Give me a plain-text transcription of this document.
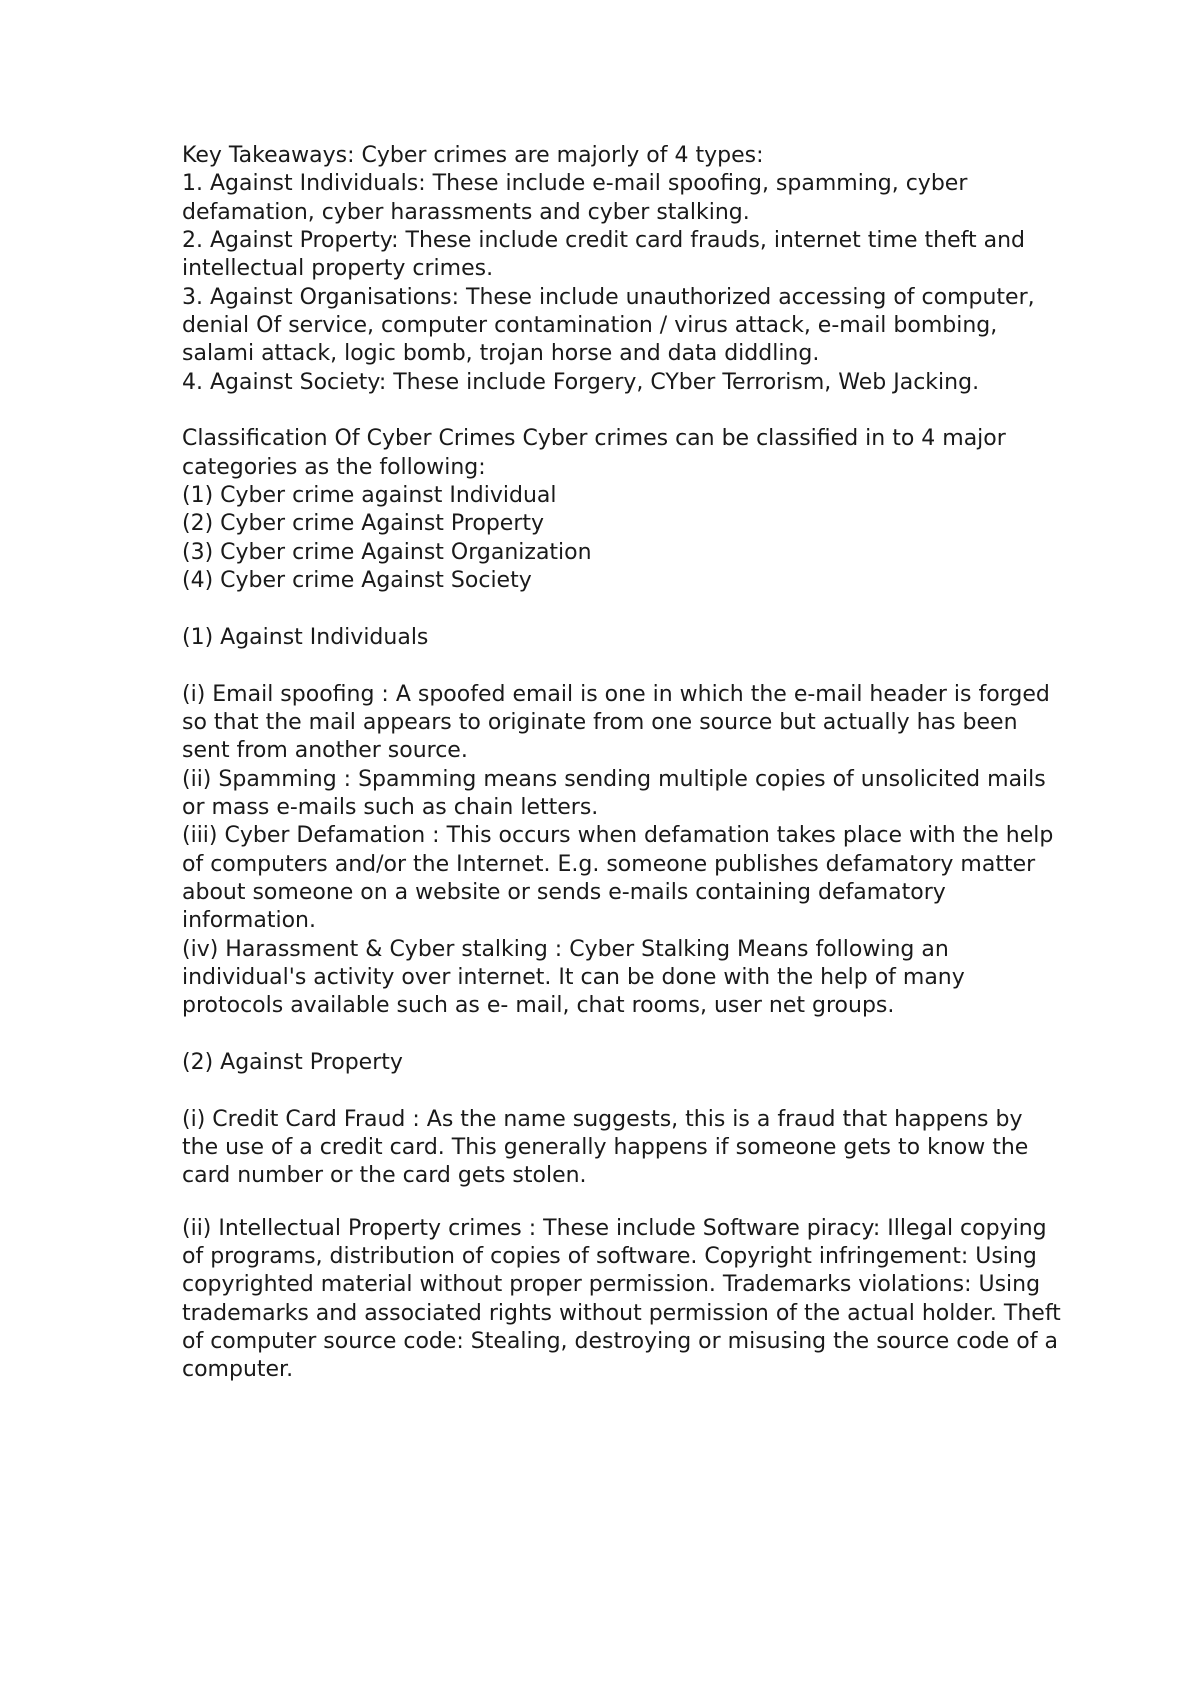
Key Takeaways: Cyber crimes are majorly of 4 types:

1. Against Individuals: These include e-mail spoofing, spamming, cyber defamation, cyber harassments and cyber stalking.

2. Against Property: These include credit card frauds, internet time theft and intellectual property crimes.

3. Against Organisations: These include unauthorized accessing of computer, denial Of service, computer contamination / virus attack, e-mail bombing, salami attack, logic bomb, trojan horse and data diddling.

4. Against Society: These include Forgery, CYber Terrorism, Web Jacking.

Classification Of Cyber Crimes Cyber crimes can be classified in to 4 major categories as the following:

(1) Cyber crime against Individual

(2) Cyber crime Against Property

(3) Cyber crime Against Organization

(4) Cyber crime Against Society

(1) Against Individuals

(i) Email spoofing : A spoofed email is one in which the e-mail header is forged so that the mail appears to originate from one source but actually has been sent from another source.

(ii) Spamming : Spamming means sending multiple copies of unsolicited mails or mass e-mails such as chain letters.

(iii) Cyber Defamation : This occurs when defamation takes place with the help of computers and/or the Internet. E.g. someone publishes defamatory matter about someone on a website or sends e-mails containing defamatory information.

(iv) Harassment & Cyber stalking : Cyber Stalking Means following an individual's activity over internet. It can be done with the help of many protocols available such as e- mail, chat rooms, user net groups.

(2) Against Property

(i) Credit Card Fraud : As the name suggests, this is a fraud that happens by the use of a credit card. This generally happens if someone gets to know the card number or the card gets stolen.

(ii) Intellectual Property crimes : These include Software piracy: Illegal copying of programs, distribution of copies of software. Copyright infringement: Using copyrighted material without proper permission. Trademarks violations: Using trademarks and associated rights without permission of the actual holder. Theft of computer source code: Stealing, destroying or misusing the source code of a computer.
